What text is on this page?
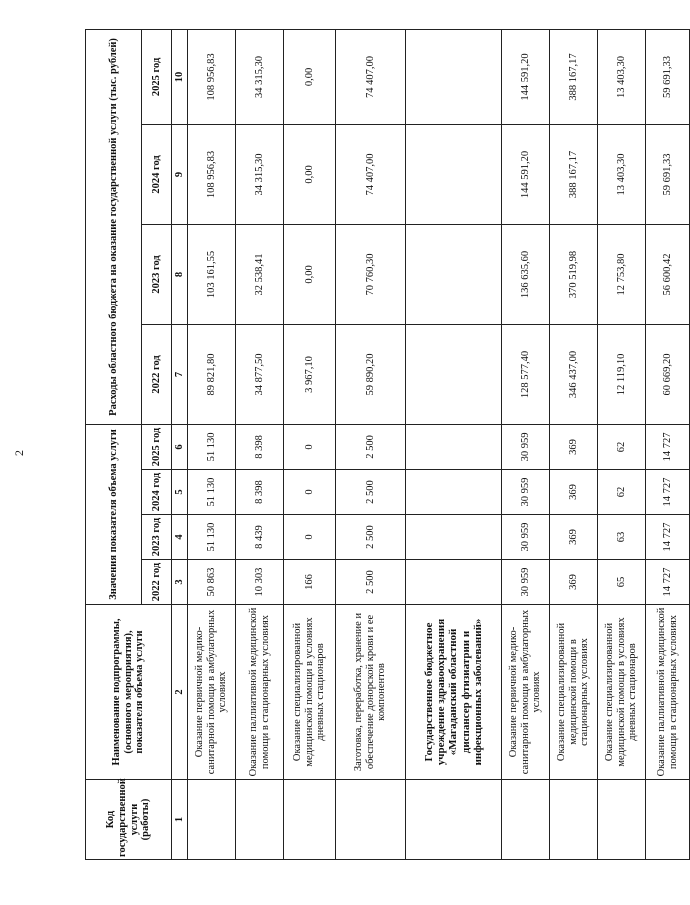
2
Код государственной услуги (работы)	Наименование подпрограммы, (основного мероприятия), показателя объема услуги	Значения показателя объема услуги				Расходы областного бюджета на оказание государственной услуги (тыс. рублей)			
		2022 год	2023 год	2024 год	2025 год	2022 год	2023 год	2024 год	2025 год
1	2	3	4	5	6	7	8	9	10
	Оказание первичной медико-санитарной помощи в амбулаторных условиях	50 863	51 130	51 130	51 130	89 821,80	103 161,55	108 956,83	108 956,83
	Оказание паллиативной медицинской помощи в стационарных условиях	10 303	8 439	8 398	8 398	34 877,50	32 538,41	34 315,30	34 315,30
	Оказание специализированной медицинской помощи в условиях дневных стационаров	166	0	0	0	3 967,10	0,00	0,00	0,00
	Заготовка, переработка, хранение и обеспечение донорской крови и ее компонентов	2 500	2 500	2 500	2 500	59 890,20	70 760,30	74 407,00	74 407,00
	Государственное бюджетное учреждение здравоохранения «Магаданский областной диспансер фтизиатрии и инфекционных заболеваний»								
	Оказание первичной медико-санитарной помощи в амбулаторных условиях	30 959	30 959	30 959	30 959	128 577,40	136 635,60	144 591,20	144 591,20
	Оказание специализированной медицинской помощи в стационарных условиях	369	369	369	369	346 437,00	370 519,98	388 167,17	388 167,17
	Оказание специализированной медицинской помощи в условиях дневных стационаров	65	63	62	62	12 119,10	12 753,80	13 403,30	13 403,30
	Оказание паллиативной медицинской помощи в стационарных условиях	14 727	14 727	14 727	14 727	60 669,20	56 600,42	59 691,33	59 691,33
